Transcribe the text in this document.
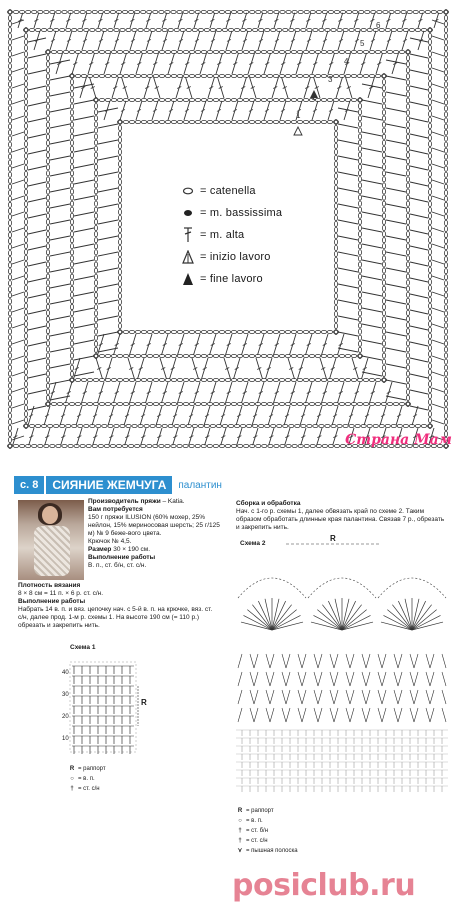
1
3
4
5
6
= catenella
= m. bassissima
= m. alta
= inizio lavoro
= fine lavoro
Страна Мам
с. 8	СИЯНИЕ ЖЕМЧУГА	палантин
Производитель пряжи – Katia.
Вам потребуется
150 г пряжи ILUSION (60% мохер, 25% нейлон, 15% мериносовая шерсть; 25 г/125 м) № 9 беже-вого цвета.
Крючок № 4,5.
Размер 30 × 190 см.
Выполнение работы
В. п., ст. б/н, ст. с/н.
Плотность вязания
8 × 8 см = 11 п. × 6 р. ст. с/н.
Выполнение работы
Набрать 14 в. п. и вяз. цепочку нач. с 5-й в. п. на крючке, вяз. ст. с/н, далее прод. 1-м р. схемы 1. На высоте 190 см (= 110 р.) обрезать и закрепить нить.
Сборка и обработка
Нач. с 1-го р. схемы 1, далее обвязать край по схеме 2. Таким образом обработать длинные края палантина. Связав 7 р., обрезать и закрепить нить.
Схема 1
Схема 2
40
30
20
10
R
R
R = раппорт
○ = в. п.
† = ст. с/н
R = раппорт
○ = в. п.
† = ст. б/н
† = ст. с/н
⋎ = пышная полоска
posiclub.ru
